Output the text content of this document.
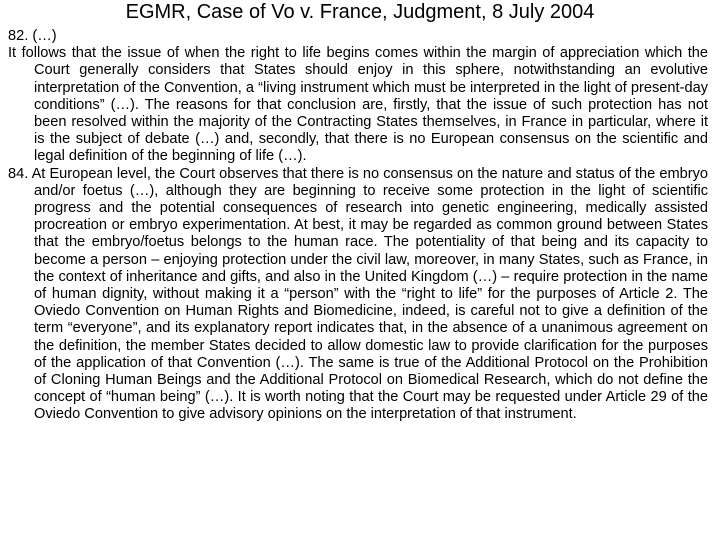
EGMR, Case of Vo v. France, Judgment, 8 July 2004

82. (…)

It follows that the issue of when the right to life begins comes within the margin of appreciation which the Court generally considers that States should enjoy in this sphere, notwithstanding an evolutive interpretation of the Convention, a “living instrument which must be interpreted in the light of present-day conditions” (…). The reasons for that conclusion are, firstly, that the issue of such protection has not been resolved within the majority of the Contracting States themselves, in France in particular, where it is the subject of debate (…) and, secondly, that there is no European consensus on the scientific and legal definition of the beginning of life (…).

84. At European level, the Court observes that there is no consensus on the nature and status of the embryo and/or foetus (…), although they are beginning to receive some protection in the light of scientific progress and the potential consequences of research into genetic engineering, medically assisted procreation or embryo experimentation. At best, it may be regarded as common ground between States that the embryo/foetus belongs to the human race. The potentiality of that being and its capacity to become a person – enjoying protection under the civil law, moreover, in many States, such as France, in the context of inheritance and gifts, and also in the United Kingdom (…) – require protection in the name of human dignity, without making it a “person” with the “right to life” for the purposes of Article 2. The Oviedo Convention on Human Rights and Biomedicine, indeed, is careful not to give a definition of the term “everyone”, and its explanatory report indicates that, in the absence of a unanimous agreement on the definition, the member States decided to allow domestic law to provide clarification for the purposes of the application of that Convention (…). The same is true of the Additional Protocol on the Prohibition of Cloning Human Beings and the Additional Protocol on Biomedical Research, which do not define the concept of “human being” (…). It is worth noting that the Court may be requested under Article 29 of the Oviedo Convention to give advisory opinions on the interpretation of that instrument.
